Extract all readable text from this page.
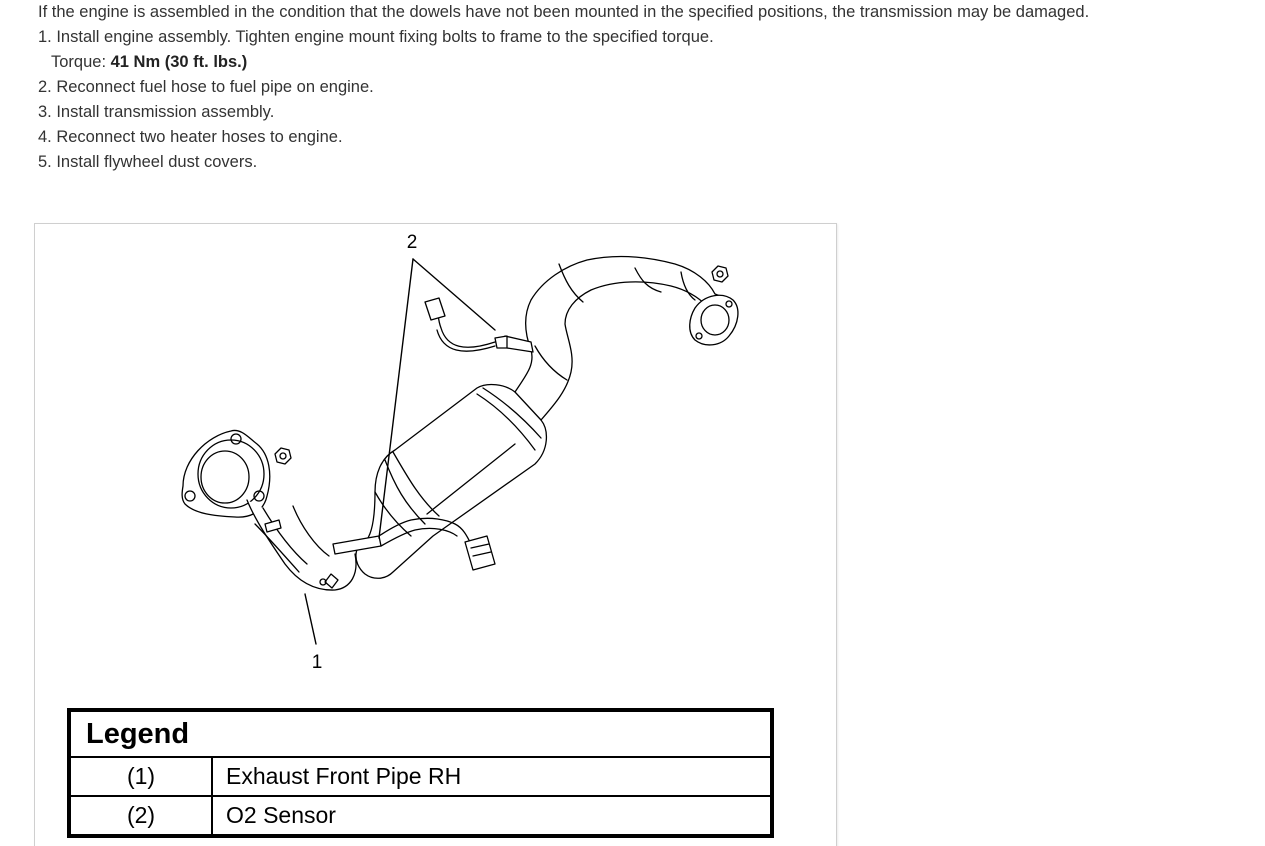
If the engine is assembled in the condition that the dowels have not been mounted in the specified positions, the transmission may be damaged.

1. Install engine assembly. Tighten engine mount fixing bolts to frame to the specified torque.

Torque: 41 Nm (30 ft. lbs.)

2. Reconnect fuel hose to fuel pipe on engine.

3. Install transmission assembly.

4. Reconnect two heater hoses to engine.

5. Install flywheel dust covers.

2
1
Legend	
(1)	Exhaust Front Pipe RH
(2)	O2 Sensor
